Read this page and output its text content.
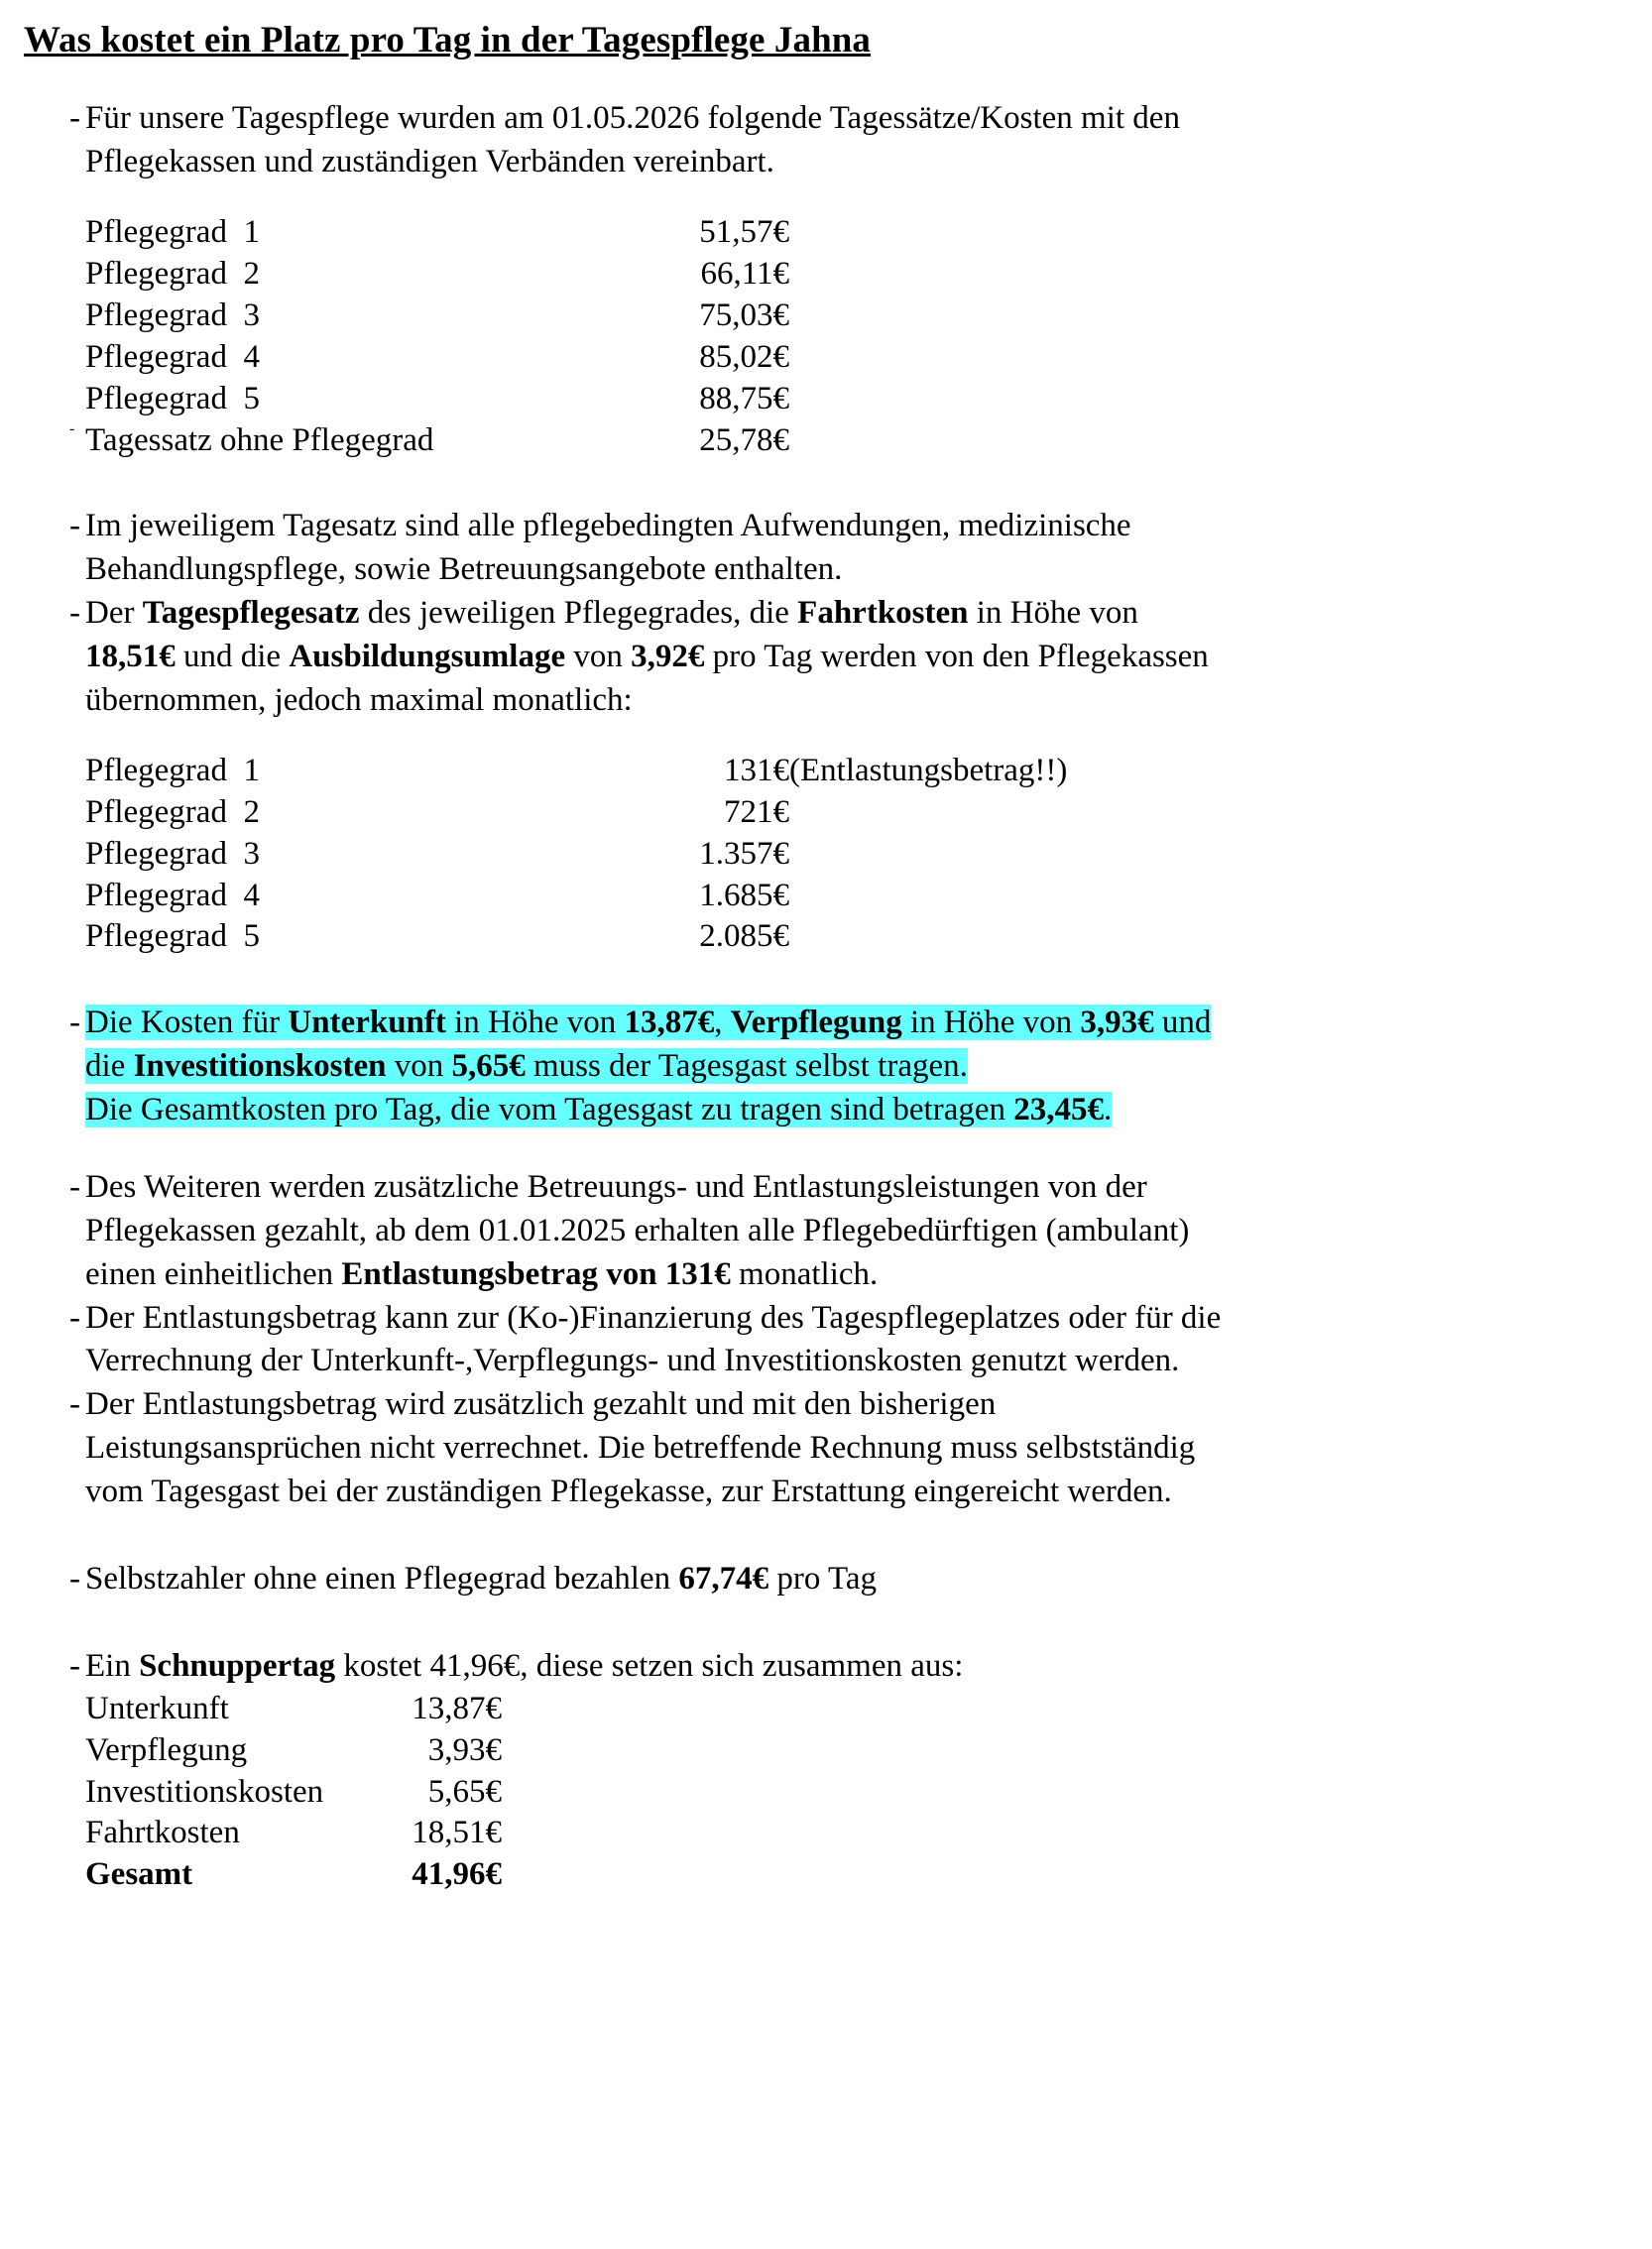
Was kostet ein Platz pro Tag in der Tagespflege Jahna
- Für unsere Tagespflege wurden am 01.05.2026 folgende Tagessätze/Kosten mit den
Pflegekassen und zuständigen Verbänden vereinbart.

Pflegegrad  1	51,57€
Pflegegrad  2	66,11€
Pflegegrad  3	75,03€
Pflegegrad  4	85,02€
Pflegegrad  5	88,75€
- Tagessatz ohne Pflegegrad	25,78€
- Im jeweiligem Tagesatz sind alle pflegebedingten Aufwendungen, medizinische
Behandlungspflege, sowie Betreuungsangebote enthalten.
- Der Tagespflegesatz des jeweiligen Pflegegrades, die Fahrtkosten in Höhe von
18,51€ und die Ausbildungsumlage von 3,92€ pro Tag werden von den Pflegekassen
übernommen, jedoch maximal monatlich:

Pflegegrad  1	131€	(Entlastungsbetrag!!)
Pflegegrad  2	721€	
Pflegegrad  3	1.357€	
Pflegegrad  4	1.685€	
Pflegegrad  5	2.085€	
- Die Kosten für Unterkunft in Höhe von 13,87€, Verpflegung in Höhe von 3,93€ und
die Investitionskosten von 5,65€ muss der Tagesgast selbst tragen.
Die Gesamtkosten pro Tag, die vom Tagesgast zu tragen sind betragen 23,45€.
- Des Weiteren werden zusätzliche Betreuungs- und Entlastungsleistungen von der
Pflegekassen gezahlt, ab dem 01.01.2025 erhalten alle Pflegebedürftigen (ambulant)
einen einheitlichen Entlastungsbetrag von 131€ monatlich.
- Der Entlastungsbetrag kann zur (Ko-)Finanzierung des Tagespflegeplatzes oder für die
Verrechnung der Unterkunft-,Verpflegungs- und Investitionskosten genutzt werden.
- Der Entlastungsbetrag wird zusätzlich gezahlt und mit den bisherigen
Leistungsansprüchen nicht verrechnet. Die betreffende Rechnung muss selbstständig
vom Tagesgast bei der zuständigen Pflegekasse, zur Erstattung eingereicht werden.
- Selbstzahler ohne einen Pflegegrad bezahlen 67,74€ pro Tag
- Ein Schnuppertag kostet 41,96€, diese setzen sich zusammen aus:
Unterkunft	13,87€
Verpflegung	3,93€
Investitionskosten	5,65€
Fahrtkosten	18,51€
Gesamt	41,96€
